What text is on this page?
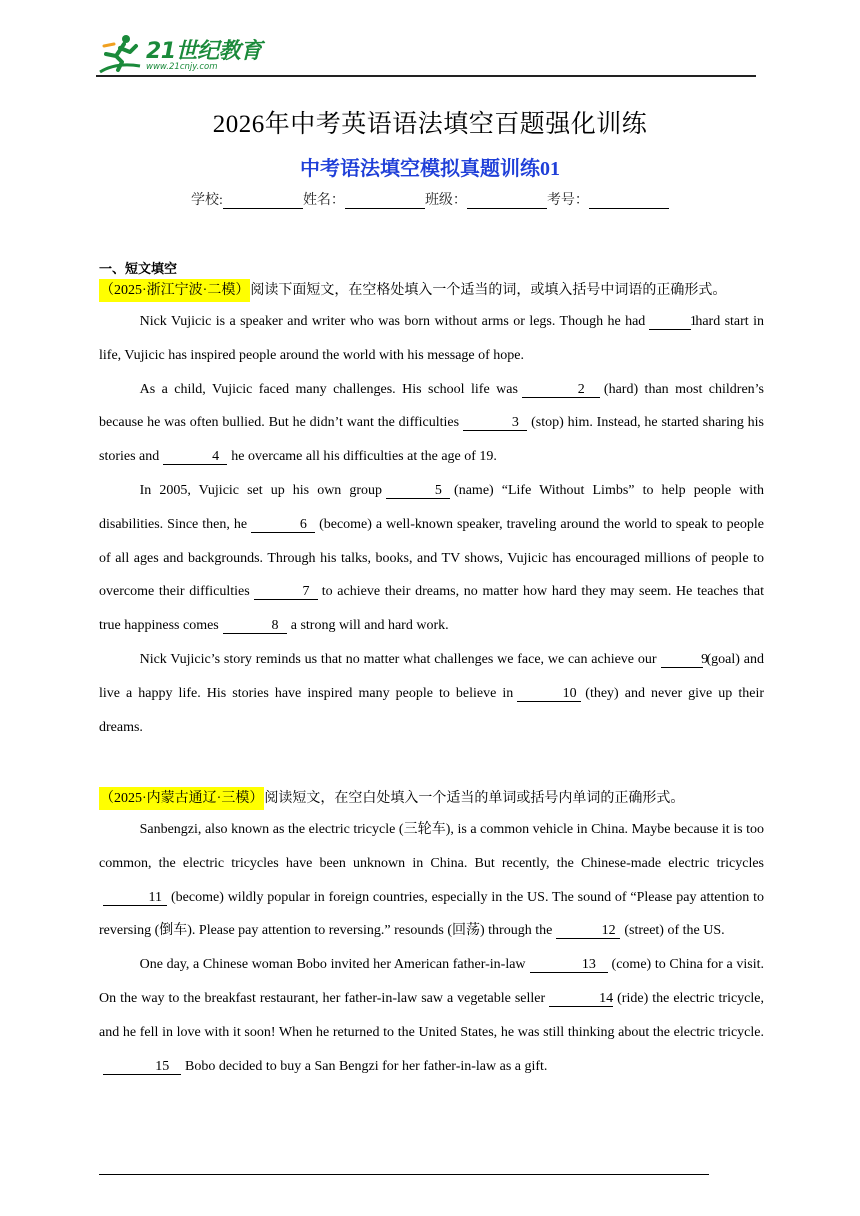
21世纪教育
www.21cnjy.com
2026年中考英语语法填空百题强化训练
中考语法填空模拟真题训练01
学校:	姓名：	班级：	考号：
一、短文填空
（2025·浙江宁波·二模）阅读下面短文，在空格处填入一个适当的词，或填入括号中词语的正确形式。

Nick Vujicic is a speaker and writer who was born without arms or legs. Though he had	1hard start in life, Vujicic has inspired people around the world with his message of hope.

As a child, Vujicic faced many challenges. His school life was	2 (hard) than most children’s because he was often bullied. But he didn’t want the difficulties	3 (stop) him. Instead, he started sharing his stories and	4 he overcame all his difficulties at the age of 19.

In 2005, Vujicic set up his own group	5 (name) “Life Without Limbs” to help people with disabilities. Since then, he	6 (become) a well-known speaker, traveling around the world to speak to people of all ages and backgrounds. Through his talks, books, and TV shows, Vujicic has encouraged millions of people to overcome their difficulties	7 to achieve their dreams, no matter how hard they may seem. He teaches that true happiness comes	8 a strong will and hard work.

Nick Vujicic’s story reminds us that no matter what challenges we face, we can achieve our	9(goal) and live a happy life. His stories have inspired many people to believe in	10 (they) and never give up their dreams.

（2025·内蒙古通辽·三模）阅读短文，在空白处填入一个适当的单词或括号内单词的正确形式。

Sanbengzi, also known as the electric tricycle (三轮车), is a common vehicle in China. Maybe because it is too common, the electric tricycles have been unknown in China. But recently, the Chinese-made electric tricycles11 (become) wildly popular in foreign countries, especially in the US. The sound of “Please pay attention to reversing (倒车). Please pay attention to reversing.” resounds (回荡) through the	12 (street) of the US.

One day, a Chinese woman Bobo invited her American father-in-law	13 (come) to China for a visit. On the way to the breakfast restaurant, her father-in-law saw a vegetable seller	14 (ride) the electric tricycle, and he fell in love with it soon! When he returned to the United States, he was still thinking about the electric tricycle.15 Bobo decided to buy a San Bengzi for her father-in-law as a gift.
